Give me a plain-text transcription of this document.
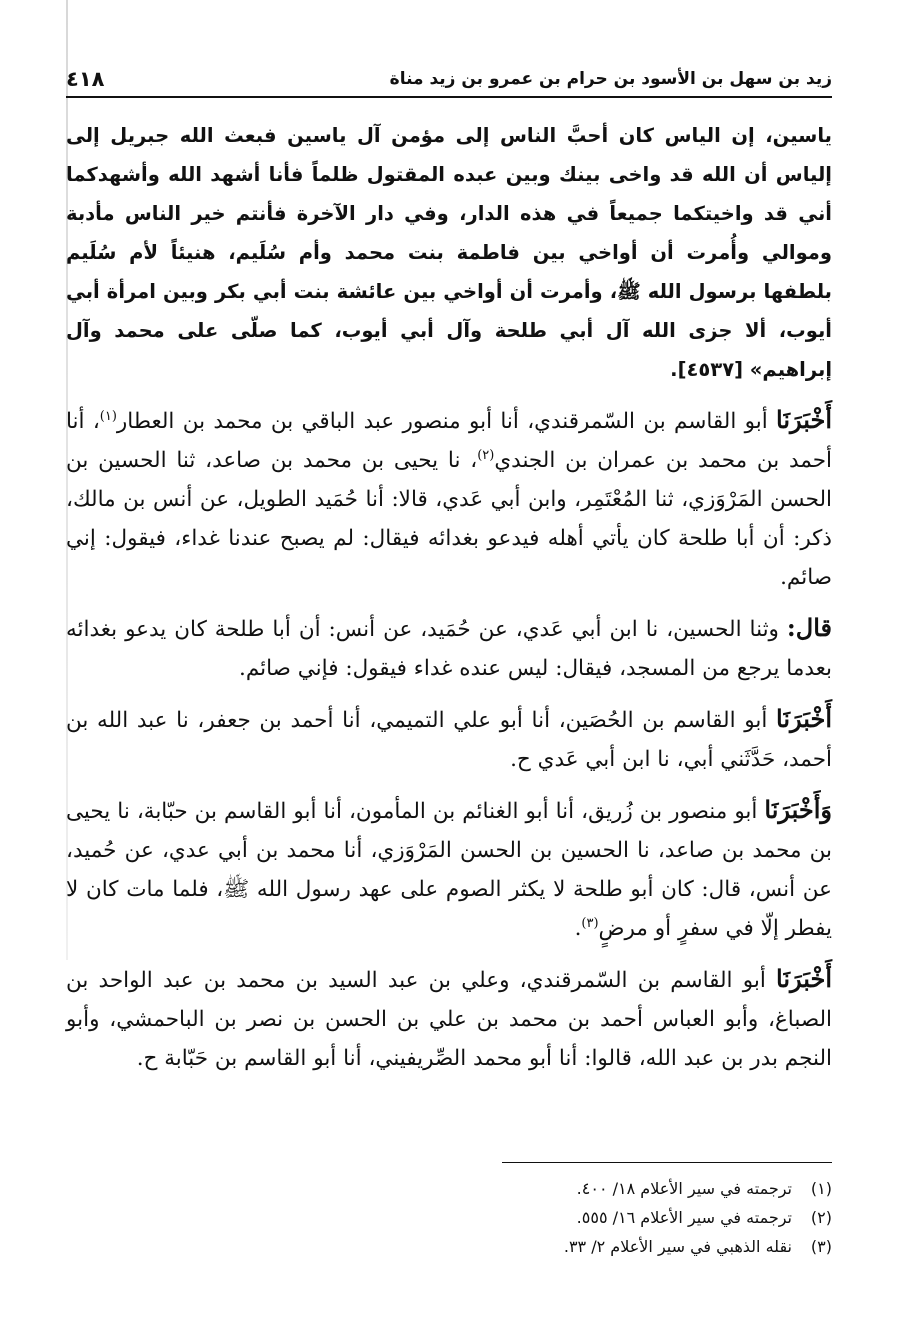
٤١٨	زيد بن سهل بن الأسود بن حرام بن عمرو بن زيد مناة

ياسين، إن الياس كان أحبَّ الناس إلى مؤمن آل ياسين فبعث الله جبريل إلى إلياس أن الله قد واخى بينك وبين عبده المقتول ظلماً فأنا أشهد الله وأشهدكما أني قد واخيتكما جميعاً في هذه الدار، وفي دار الآخرة فأنتم خير الناس مأدبة وموالي وأُمرت أن أواخي بين فاطمة بنت محمد وأم سُلَيم، هنيئاً لأم سُلَيم بلطفها برسول الله ﷺ، وأمرت أن أواخي بين عائشة بنت أبي بكر وبين امرأة أبي أيوب، ألا جزى الله آل أبي طلحة وآل أبي أيوب، كما صلّى على محمد وآل إبراهيم» [٤٥٣٧].

أَخْبَرَنَا أبو القاسم بن السّمرقندي، أنا أبو منصور عبد الباقي بن محمد بن العطار$^{(١)}$، أنا أحمد بن محمد بن عمران بن الجندي$^{(٢)}$، نا يحيى بن محمد بن صاعد، ثنا الحسين بن الحسن المَرْوَزي، ثنا المُعْتَمِر، وابن أبي عَدي، قالا: أنا حُمَيد الطويل، عن أنس بن مالك، ذكر: أن أبا طلحة كان يأتي أهله فيدعو بغدائه فيقال: لم يصبح عندنا غداء، فيقول: إني صائم.

قال: وثنا الحسين، نا ابن أبي عَدي، عن حُمَيد، عن أنس: أن أبا طلحة كان يدعو بغدائه بعدما يرجع من المسجد، فيقال: ليس عنده غداء فيقول: فإني صائم.

أَخْبَرَنَا أبو القاسم بن الحُصَين، أنا أبو علي التميمي، أنا أحمد بن جعفر، نا عبد الله بن أحمد، حَدَّثَني أبي، نا ابن أبي عَدي ح.

وَأَخْبَرَنَا أبو منصور بن زُريق، أنا أبو الغنائم بن المأمون، أنا أبو القاسم بن حبّابة، نا يحيى بن محمد بن صاعد، نا الحسين بن الحسن المَرْوَزي، أنا محمد بن أبي عدي، عن حُميد، عن أنس، قال: كان أبو طلحة لا يكثر الصوم على عهد رسول الله ﷺ، فلما مات كان لا يفطر إلّا في سفرٍ أو مرضٍ$^{(٣)}$.

أَخْبَرَنَا أبو القاسم بن السّمرقندي، وعلي بن عبد السيد بن محمد بن عبد الواحد بن الصباغ، وأبو العباس أحمد بن محمد بن علي بن الحسن بن نصر بن الباحمشي، وأبو النجم بدر بن عبد الله، قالوا: أنا أبو محمد الصِّريفيني، أنا أبو القاسم بن حَبّابة ح.

(١)ترجمته في سير الأعلام ١٨/ ٤٠٠.
(٢)ترجمته في سير الأعلام ١٦/ ٥٥٥.
(٣)نقله الذهبي في سير الأعلام ٢/ ٣٣.
